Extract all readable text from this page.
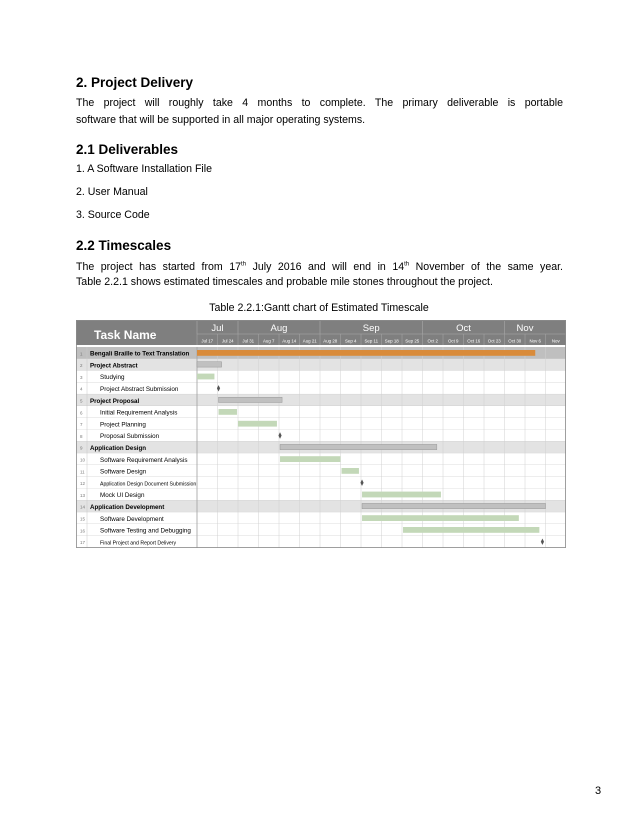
2. Project Delivery
The project will roughly take 4 months to complete. The primary deliverable is portable
software that will be supported in all major operating systems.
2.1 Deliverables
1. A Software Installation File
2. User Manual
3. Source Code
2.2 Timescales
The project has started from 17th July 2016 and will end in 14th November of the same year.
Table 2.2.1 shows estimated timescales and probable mile stones throughout the project.
Table 2.2.1:Gantt chart of Estimated Timescale
Task Name	Jul	Aug	Sep	Oct	Nov
Jul 17 Jul 24 Jul 31 Aug 7 Aug 14 Aug 21 Aug 28 Sep 4 Sep 11 Sep 18 Sep 25 Oct 2 Oct 9 Oct 16 Oct 23 Oct 30 Nov 6 Nov
1 Bengali Braille to Text Translation
2 Project Abstract
3	Studying
4	Project Abstract Submission
5 Project Proposal
6	Initial Requirement Analysis
7	Project Planning
8	Proposal Submission
9 Application Design
10 Software Requirement Analysis
11 Software Design
12	Application Design Document Submission
13 Mock UI Design
14 Application Development
15 Software Development
16 Software Testing and Debugging
17	Final Project and Report Delivery
3
